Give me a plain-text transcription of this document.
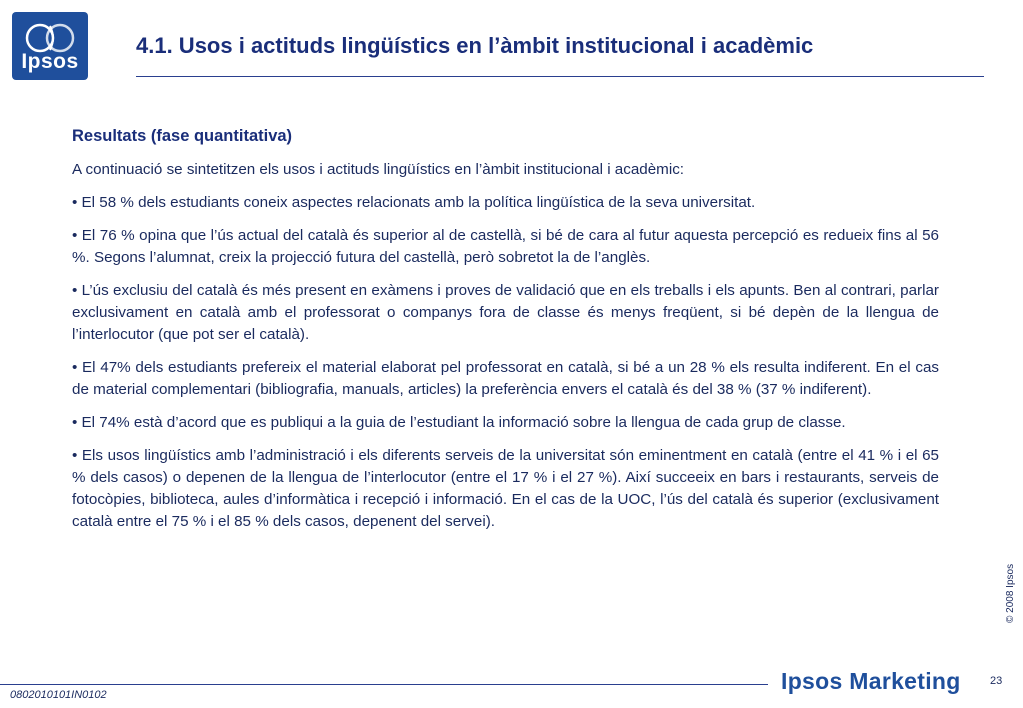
Ipsos
4.1. Usos i actituds lingüístics en l’àmbit institucional i acadèmic
Resultats (fase quantitativa)

A continuació se sintetitzen els usos i actituds lingüístics en l’àmbit institucional i acadèmic:

• El 58 % dels estudiants coneix aspectes relacionats amb la política lingüística de la seva universitat.

• El 76 % opina que l’ús actual del català és superior al de castellà, si bé de cara al futur aquesta percepció es redueix fins al 56 %. Segons l’alumnat, creix la projecció futura del castellà, però sobretot la de l’anglès.

• L’ús exclusiu del català és més present en exàmens i proves de validació que en els treballs i els apunts. Ben al contrari, parlar exclusivament en català amb el professorat o companys fora de classe és menys freqüent, si bé depèn de la llengua de l’interlocutor (que pot ser el català).

• El 47% dels estudiants prefereix el material elaborat pel professorat en català, si bé a un 28 % els resulta indiferent. En el cas de material complementari (bibliografia, manuals, articles) la preferència envers el català és del 38 % (37 % indiferent).

• El 74% està d’acord que es publiqui a la guia de l’estudiant la informació sobre la llengua de cada grup de classe.

• Els usos lingüístics amb l’administració i els diferents serveis de la universitat són eminentment en català (entre el 41 % i el 65 % dels casos) o depenen de la llengua de l’interlocutor (entre el 17 % i el 27 %). Així succeeix en bars i restaurants, serveis de fotocòpies, biblioteca, aules d’informàtica i recepció i informació. En el cas de la UOC, l’ús del català és superior (exclusivament català entre el 75 % i el 85 % dels casos, depenent del servei).

© 2008 Ipsos
0802010101IN0102
Ipsos Marketing	23
